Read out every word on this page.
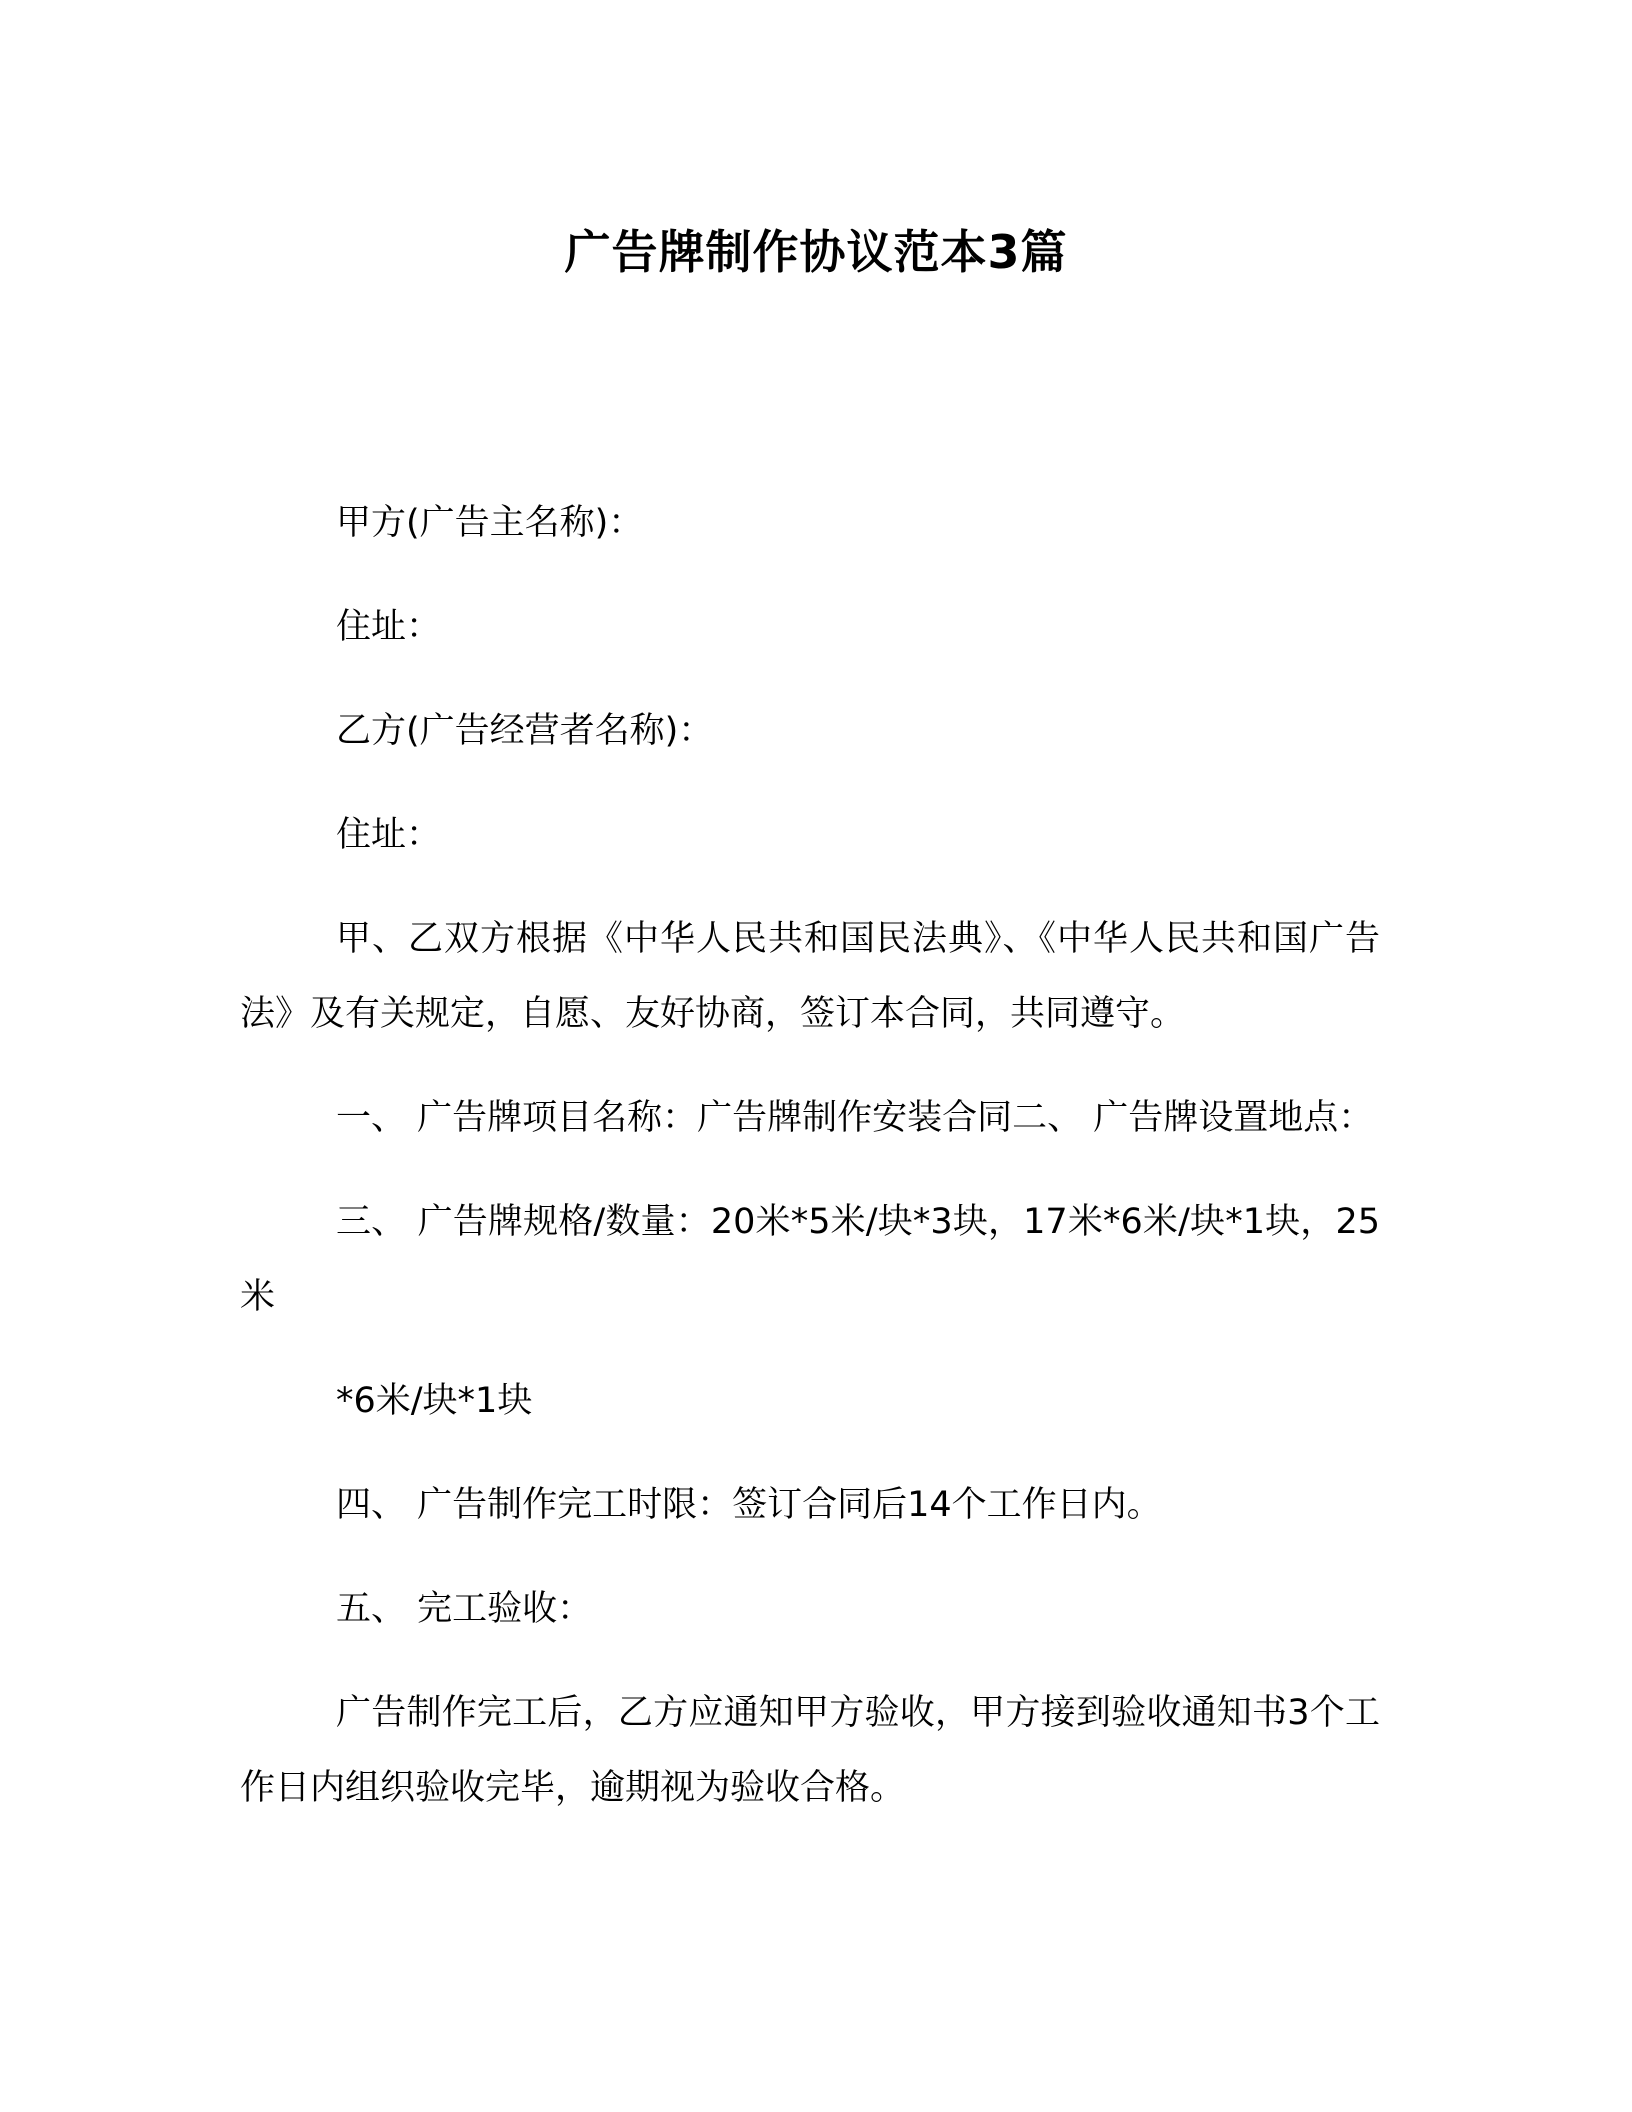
广告牌制作协议范本3篇

甲方(广告主名称)：

住址：

乙方(广告经营者名称)：

住址：

甲、乙双方根据《中华人民共和国民法典》、《中华人民共和国广告法》及有关规定，自愿、友好协商，签订本合同，共同遵守。

一、 广告牌项目名称：广告牌制作安装合同二、 广告牌设置地点：

三、 广告牌规格/数量：20米*5米/块*3块，17米*6米/块*1块，25米

*6米/块*1块

四、 广告制作完工时限：签订合同后14个工作日内。

五、 完工验收：

广告制作完工后，乙方应通知甲方验收，甲方接到验收通知书3个工作日内组织验收完毕，逾期视为验收合格。
